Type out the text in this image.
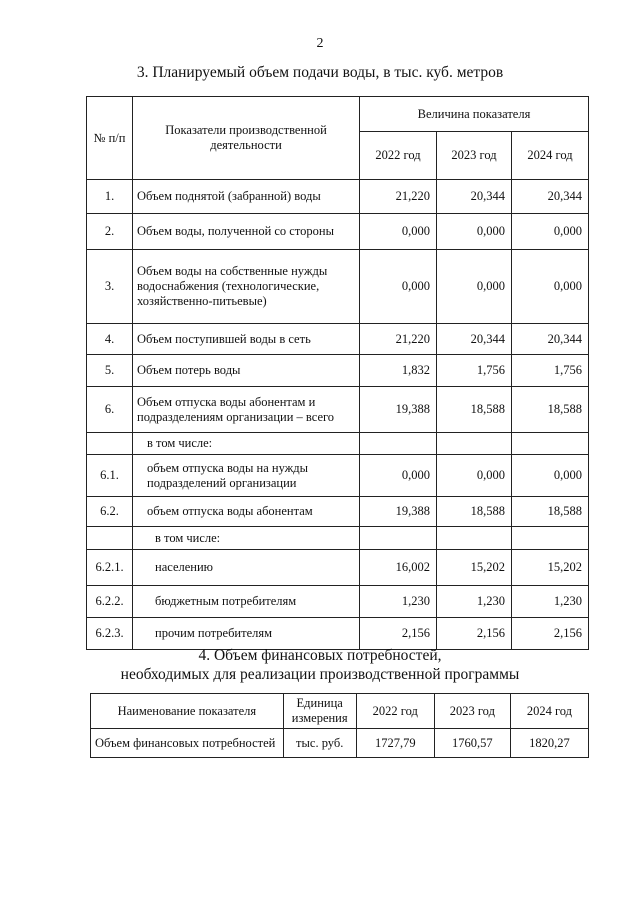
2
3. Планируемый объем подачи воды, в тыс. куб. метров
№ п/п	Показатели производственной деятельности	Величина показателя		
		2022 год	2023 год	2024 год
1.	Объем поднятой (забранной) воды	21,220	20,344	20,344
2.	Объем воды, полученной со стороны	0,000	0,000	0,000
3.	Объем воды на собственные нужды водоснабжения (технологические, хозяйственно-питьевые)	0,000	0,000	0,000
4.	Объем поступившей воды в сеть	21,220	20,344	20,344
5.	Объем потерь воды	1,832	1,756	1,756
6.	Объем отпуска воды абонентам и подразделениям организации – всего	19,388	18,588	18,588
	в том числе:			
6.1.	объем отпуска воды на нужды подразделений организации	0,000	0,000	0,000
6.2.	объем отпуска воды абонентам	19,388	18,588	18,588
	в том числе:			
6.2.1.	населению	16,002	15,202	15,202
6.2.2.	бюджетным потребителям	1,230	1,230	1,230
6.2.3.	прочим потребителям	2,156	2,156	2,156
4. Объем финансовых потребностей,
необходимых для реализации производственной программы
Наименование показателя	Единица измерения	2022 год	2023 год	2024 год
Объем финансовых потребностей	тыс. руб.	1727,79	1760,57	1820,27
